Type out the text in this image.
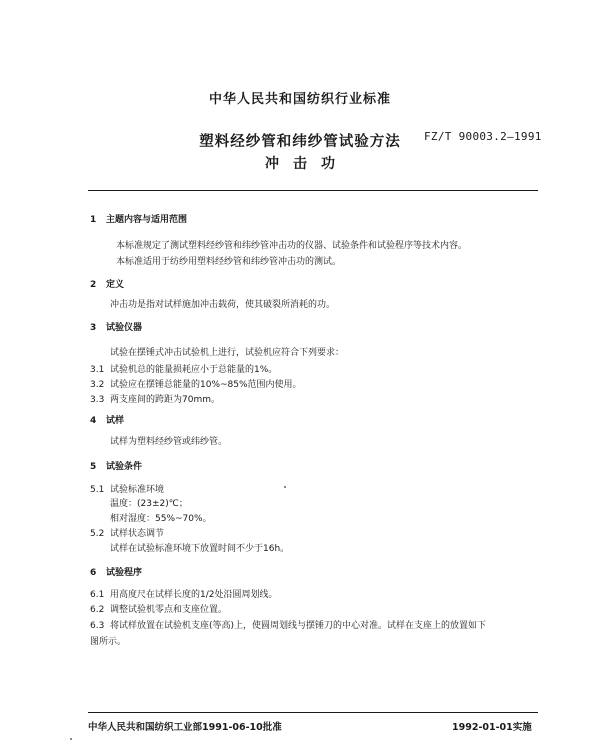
中华人民共和国纺织行业标准
塑料经纱管和纬纱管试验方法	FZ/T 90003.2—1991
冲击功
1 主题内容与适用范围
本标准规定了测试塑料经纱管和纬纱管冲击功的仪器、试验条件和试验程序等技术内容。
本标准适用于纺纱用塑料经纱管和纬纱管冲击功的测试。
2 定义
冲击功是指对试样施加冲击载荷，使其破裂所消耗的功。
3 试验仪器
试验在摆锤式冲击试验机上进行，试验机应符合下列要求：
3.1 试验机总的能量损耗应小于总能量的1%。
3.2 试验应在摆锤总能量的10%~85%范围内使用。
3.3 两支座间的跨距为70mm。
4 试样
试样为塑料经纱管或纬纱管。
5 试验条件
5.1 试验标准环境
温度：(23±2)℃；
相对湿度：55%~70%。
5.2 试样状态调节
试样在试验标准环境下放置时间不少于16h。
6 试验程序
6.1 用高度尺在试样长度的1/2处沿圆周划线。
6.2 调整试验机零点和支座位置。
6.3 将试样放置在试验机支座(等高)上，使圆周划线与摆锤刀的中心对准。试样在支座上的放置如下
图所示。
中华人民共和国纺织工业部1991-06-10批准	1992-01-01实施
